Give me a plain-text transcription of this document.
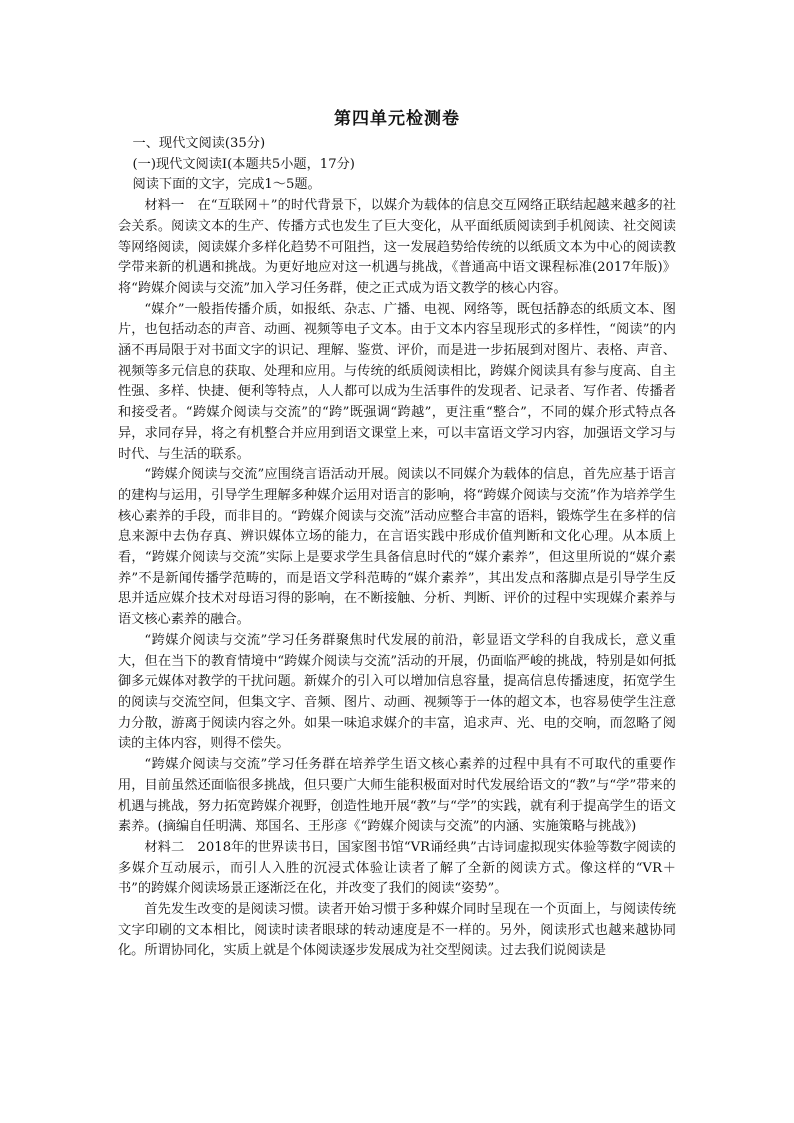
第四单元检测卷

一、现代文阅读(35分)

(一)现代文阅读Ⅰ(本题共5小题，17分)

阅读下面的文字，完成1～5题。

材料一　在“互联网＋”的时代背景下，以媒介为载体的信息交互网络正联结起越来越多的社会关系。阅读文本的生产、传播方式也发生了巨大变化，从平面纸质阅读到手机阅读、社交阅读等网络阅读，阅读媒介多样化趋势不可阻挡，这一发展趋势给传统的以纸质文本为中心的阅读教学带来新的机遇和挑战。为更好地应对这一机遇与挑战，《普通高中语文课程标准(2017年版)》将“跨媒介阅读与交流”加入学习任务群，使之正式成为语文教学的核心内容。

“媒介”一般指传播介质，如报纸、杂志、广播、电视、网络等，既包括静态的纸质文本、图片，也包括动态的声音、动画、视频等电子文本。由于文本内容呈现形式的多样性，“阅读”的内涵不再局限于对书面文字的识记、理解、鉴赏、评价，而是进一步拓展到对图片、表格、声音、视频等多元信息的获取、处理和应用。与传统的纸质阅读相比，跨媒介阅读具有参与度高、自主性强、多样、快捷、便利等特点，人人都可以成为生活事件的发现者、记录者、写作者、传播者和接受者。“跨媒介阅读与交流”的“跨”既强调“跨越”，更注重“整合”，不同的媒介形式特点各异，求同存异，将之有机整合并应用到语文课堂上来，可以丰富语文学习内容，加强语文学习与时代、与生活的联系。

“跨媒介阅读与交流”应围绕言语活动开展。阅读以不同媒介为载体的信息，首先应基于语言的建构与运用，引导学生理解多种媒介运用对语言的影响，将“跨媒介阅读与交流”作为培养学生核心素养的手段，而非目的。“跨媒介阅读与交流”活动应整合丰富的语料，锻炼学生在多样的信息来源中去伪存真、辨识媒体立场的能力，在言语实践中形成价值判断和文化心理。从本质上看，“跨媒介阅读与交流”实际上是要求学生具备信息时代的“媒介素养”，但这里所说的“媒介素养”不是新闻传播学范畴的，而是语文学科范畴的“媒介素养”，其出发点和落脚点是引导学生反思并适应媒介技术对母语习得的影响，在不断接触、分析、判断、评价的过程中实现媒介素养与语文核心素养的融合。

“跨媒介阅读与交流”学习任务群聚焦时代发展的前沿，彰显语文学科的自我成长，意义重大，但在当下的教育情境中“跨媒介阅读与交流”活动的开展，仍面临严峻的挑战，特别是如何抵御多元媒体对教学的干扰问题。新媒介的引入可以增加信息容量，提高信息传播速度，拓宽学生的阅读与交流空间，但集文字、音频、图片、动画、视频等于一体的超文本，也容易使学生注意力分散，游离于阅读内容之外。如果一味追求媒介的丰富，追求声、光、电的交响，而忽略了阅读的主体内容，则得不偿失。

“跨媒介阅读与交流”学习任务群在培养学生语文核心素养的过程中具有不可取代的重要作用，目前虽然还面临很多挑战，但只要广大师生能积极面对时代发展给语文的“教”与“学”带来的机遇与挑战，努力拓宽跨媒介视野，创造性地开展“教”与“学”的实践，就有利于提高学生的语文素养。(摘编自任明满、郑国名、王彤彦《“跨媒介阅读与交流”的内涵、实施策略与挑战》)

材料二　2018年的世界读书日，国家图书馆“VR诵经典”古诗词虚拟现实体验等数字阅读的多媒介互动展示，而引人入胜的沉浸式体验让读者了解了全新的阅读方式。像这样的“VR＋书”的跨媒介阅读场景正逐渐泛在化，并改变了我们的阅读“姿势”。

首先发生改变的是阅读习惯。读者开始习惯于多种媒介同时呈现在一个页面上，与阅读传统文字印刷的文本相比，阅读时读者眼球的转动速度是不一样的。另外，阅读形式也越来越协同化。所谓协同化，实质上就是个体阅读逐步发展成为社交型阅读。过去我们说阅读是
